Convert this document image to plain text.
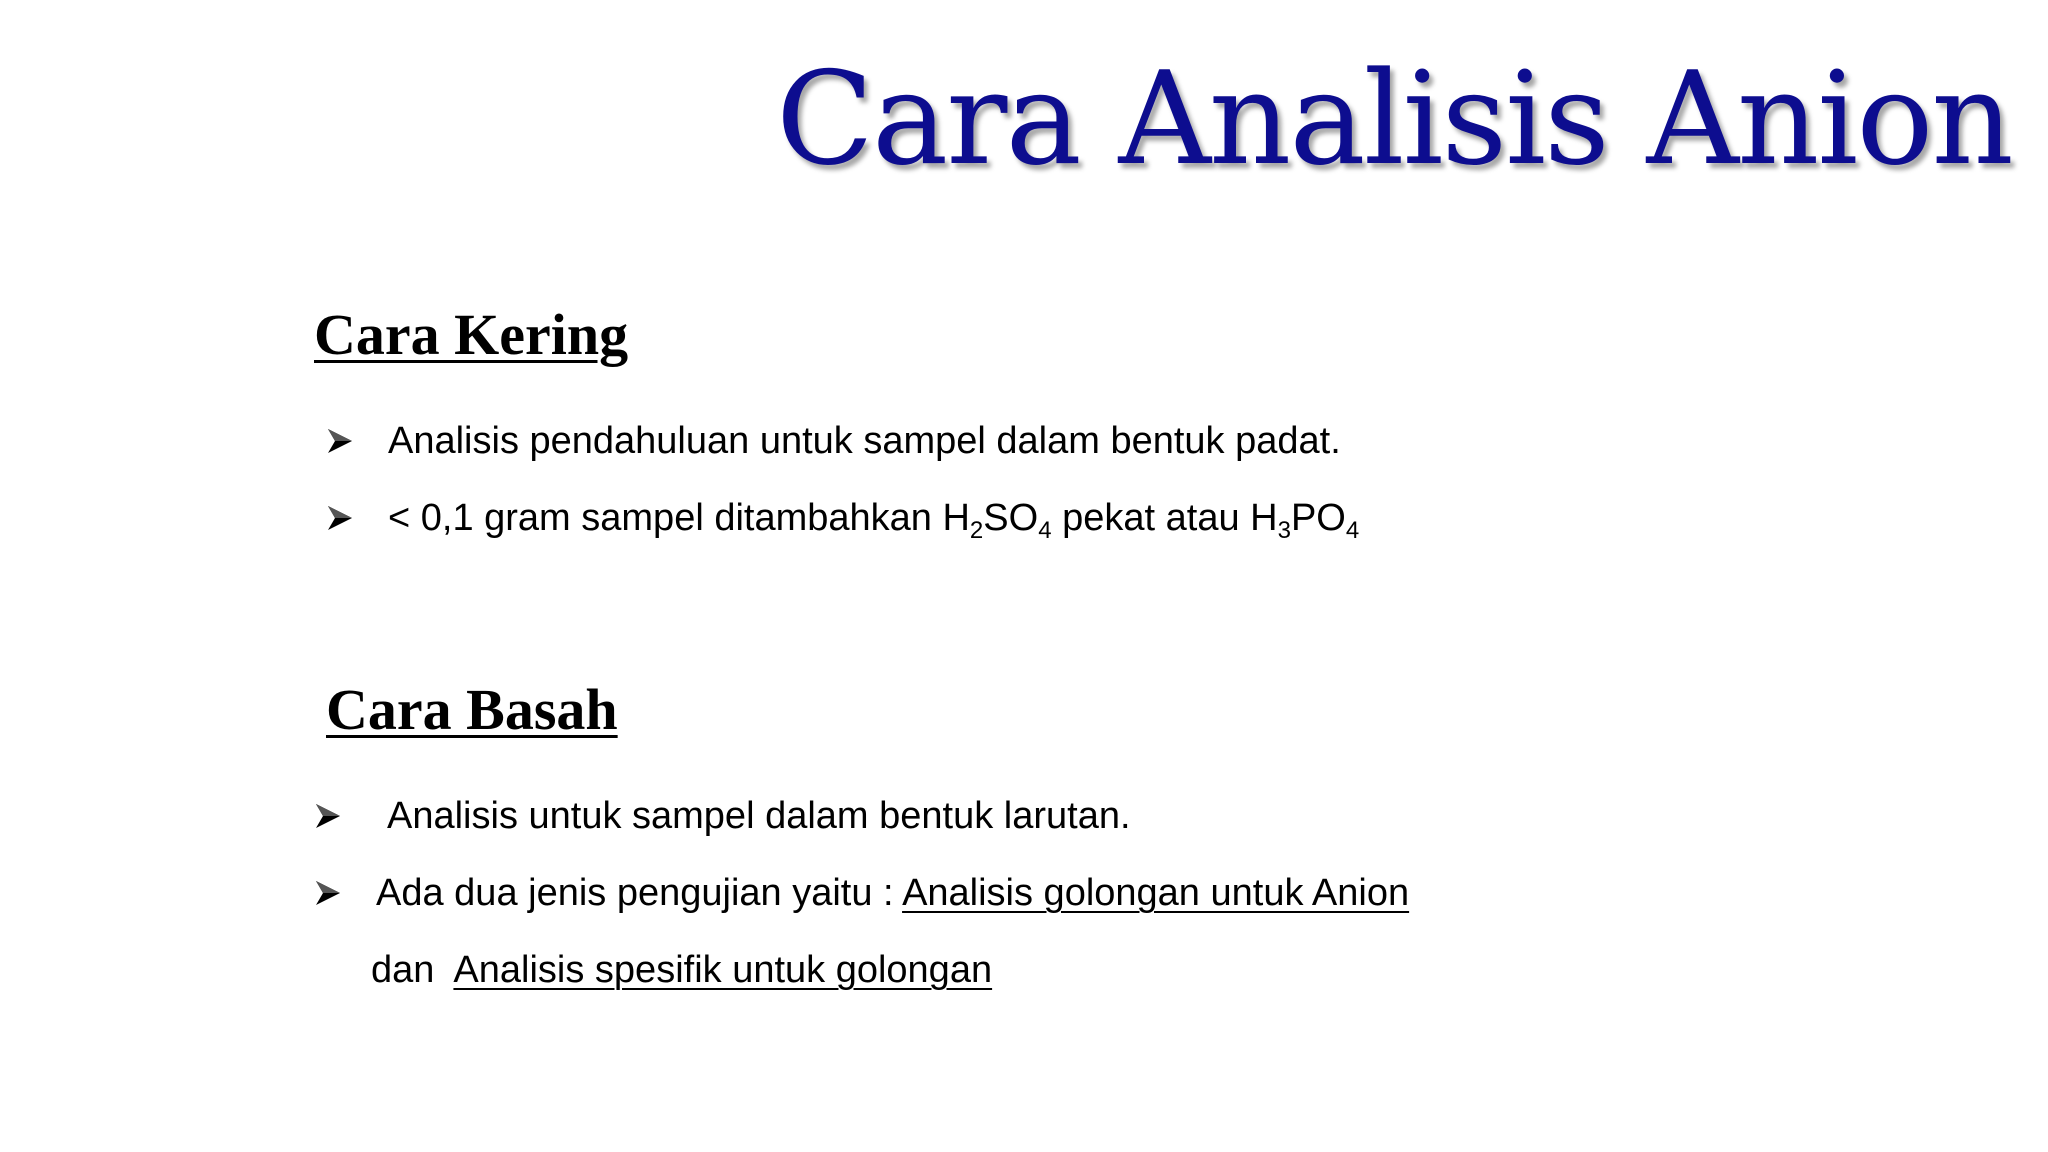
Cara Analisis Anion
Cara Kering
Analisis pendahuluan untuk sampel dalam bentuk padat.
< 0,1 gram sampel ditambahkan $H_2SO_4$ pekat atau $H_3PO_4$
Cara Basah
Analisis untuk sampel dalam bentuk larutan.
Ada dua jenis pengujian yaitu : Analisis golongan untuk Anion
dan  Analisis spesifik untuk golongan
